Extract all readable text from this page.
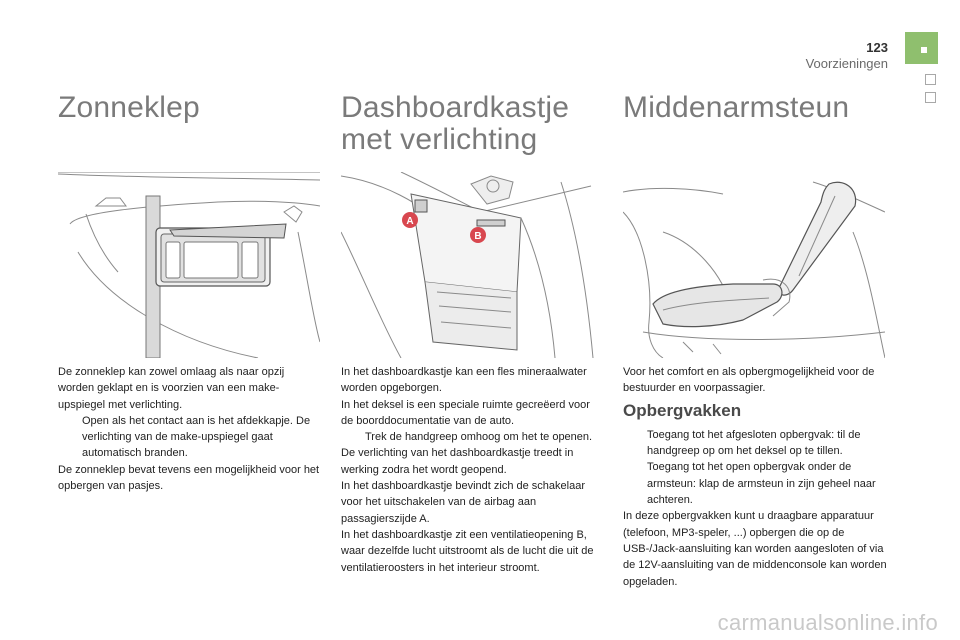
123
Voorzieningen
Zonneklep

De zonneklep kan zowel omlaag als naar opzij worden geklapt en is voorzien van een make-upspiegel met verlichting.

Open als het contact aan is het afdekkapje. De verlichting van de make-upspiegel gaat automatisch branden.

De zonneklep bevat tevens een mogelijkheid voor het opbergen van pasjes.

Dashboardkastje
met verlichting
A
B

In het dashboardkastje kan een fles mineraalwater worden opgeborgen.

In het deksel is een speciale ruimte gecreëerd voor de boorddocumentatie van de auto.

Trek de handgreep omhoog om het te openen.

De verlichting van het dashboardkastje treedt in werking zodra het wordt geopend.

In het dashboardkastje bevindt zich de schakelaar voor het uitschakelen van de airbag aan passagierszijde A.

In het dashboardkastje zit een ventilatieopening B, waar dezelfde lucht uitstroomt als de lucht die uit de ventilatieroosters in het interieur stroomt.

Middenarmsteun

Voor het comfort en als opbergmogelijkheid voor de bestuurder en voorpassagier.

Opbergvakken

Toegang tot het afgesloten opbergvak: til de handgreep op om het deksel op te tillen.

Toegang tot het open opbergvak onder de armsteun: klap de armsteun in zijn geheel naar achteren.

In deze opbergvakken kunt u draagbare apparatuur (telefoon, MP3-speler, ...) opbergen die op de USB-/Jack-aansluiting kan worden aangesloten of via de 12V-aansluiting van de middenconsole kan worden opgeladen.

carmanualsonline.info
